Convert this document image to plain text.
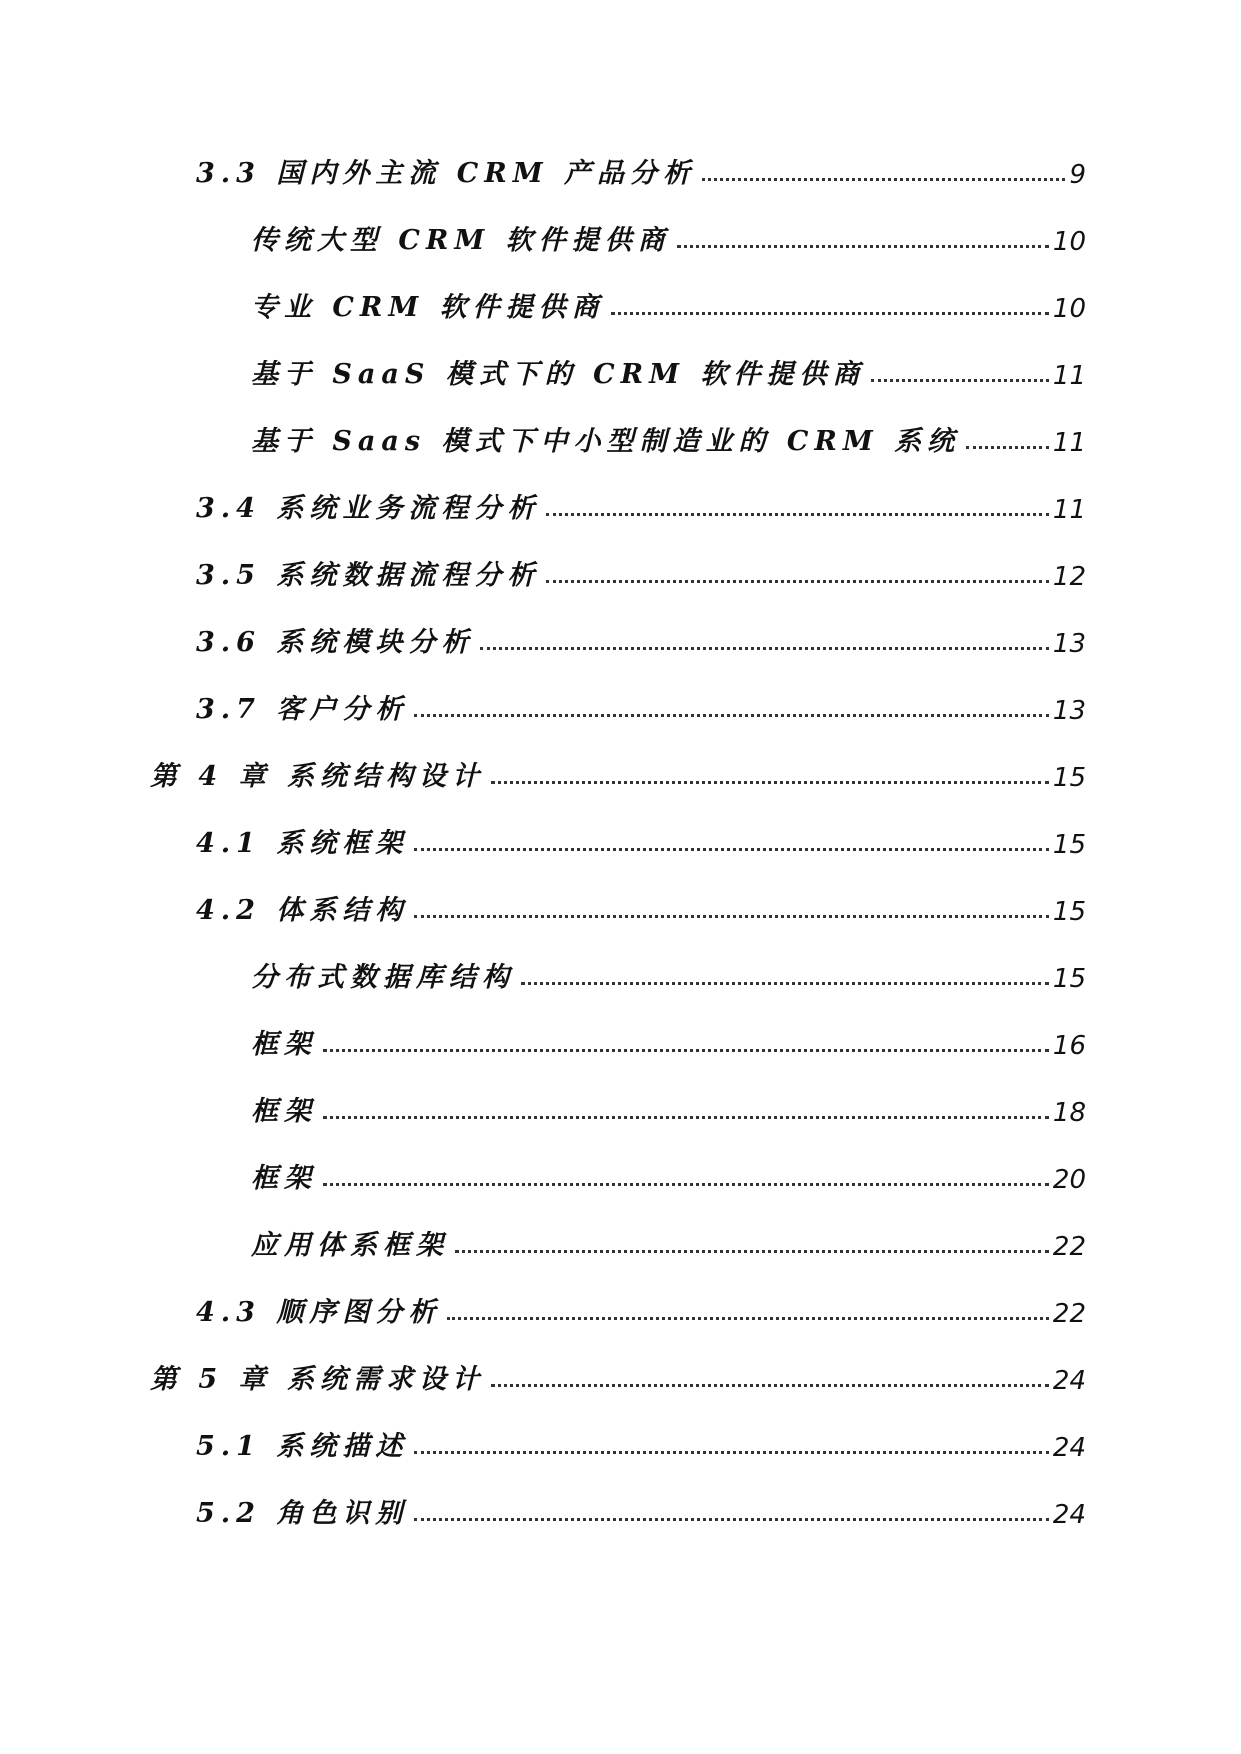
3.3 国内外主流 CRM 产品分析	9
传统大型 CRM 软件提供商	10
专业 CRM 软件提供商	10
基于 SaaS 模式下的 CRM 软件提供商	11
基于 Saas 模式下中小型制造业的 CRM 系统	11
3.4 系统业务流程分析	11
3.5 系统数据流程分析	12
3.6 系统模块分析	13
3.7 客户分析	13
第 4 章 系统结构设计	15
4.1 系统框架	15
4.2 体系结构	15
分布式数据库结构	15
框架	16
框架	18
框架	20
应用体系框架	22
4.3 顺序图分析	22
第 5 章 系统需求设计	24
5.1 系统描述	24
5.2 角色识别	24
